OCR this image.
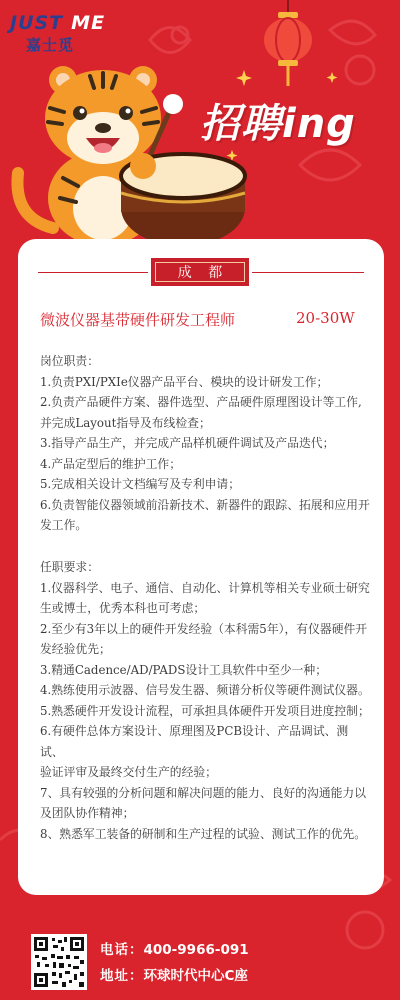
JUST ME
嘉士觅
招聘ing
成 都
微波仪器基带硬件研发工程师	20-30W

岗位职责：

1.负责PXI/PXIe仪器产品平台、模块的设计研发工作；

2.负责产品硬件方案、器件选型、产品硬件原理图设计等工作,

并完成Layout指导及布线检查；

3.指导产品生产，并完成产品样机硬件调试及产品迭代；

4.产品定型后的维护工作；

5.完成相关设计文档编写及专利申请；

6.负责智能仪器领域前沿新技术、新器件的跟踪、拓展和应用开

发工作。

任职要求：

1.仪器科学、电子、通信、自动化、计算机等相关专业硕士研究

生或博士，优秀本科也可考虑；

2.至少有3年以上的硬件开发经验（本科需5年），有仪器硬件开

发经验优先；

3.精通Cadence/AD/PADS设计工具软件中至少一种；

4.熟练使用示波器、信号发生器、频谱分析仪等硬件测试仪器。

5.熟悉硬件开发设计流程，可承担具体硬件开发项目进度控制；

6.有硬件总体方案设计、原理图及PCB设计、产品调试、测试、

验证评审及最终交付生产的经验；

7、具有较强的分析问题和解决问题的能力、良好的沟通能力以

及团队协作精神；

8、熟悉军工装备的研制和生产过程的试验、测试工作的优先。

电话：400-9966-091
地址：环球时代中心C座
